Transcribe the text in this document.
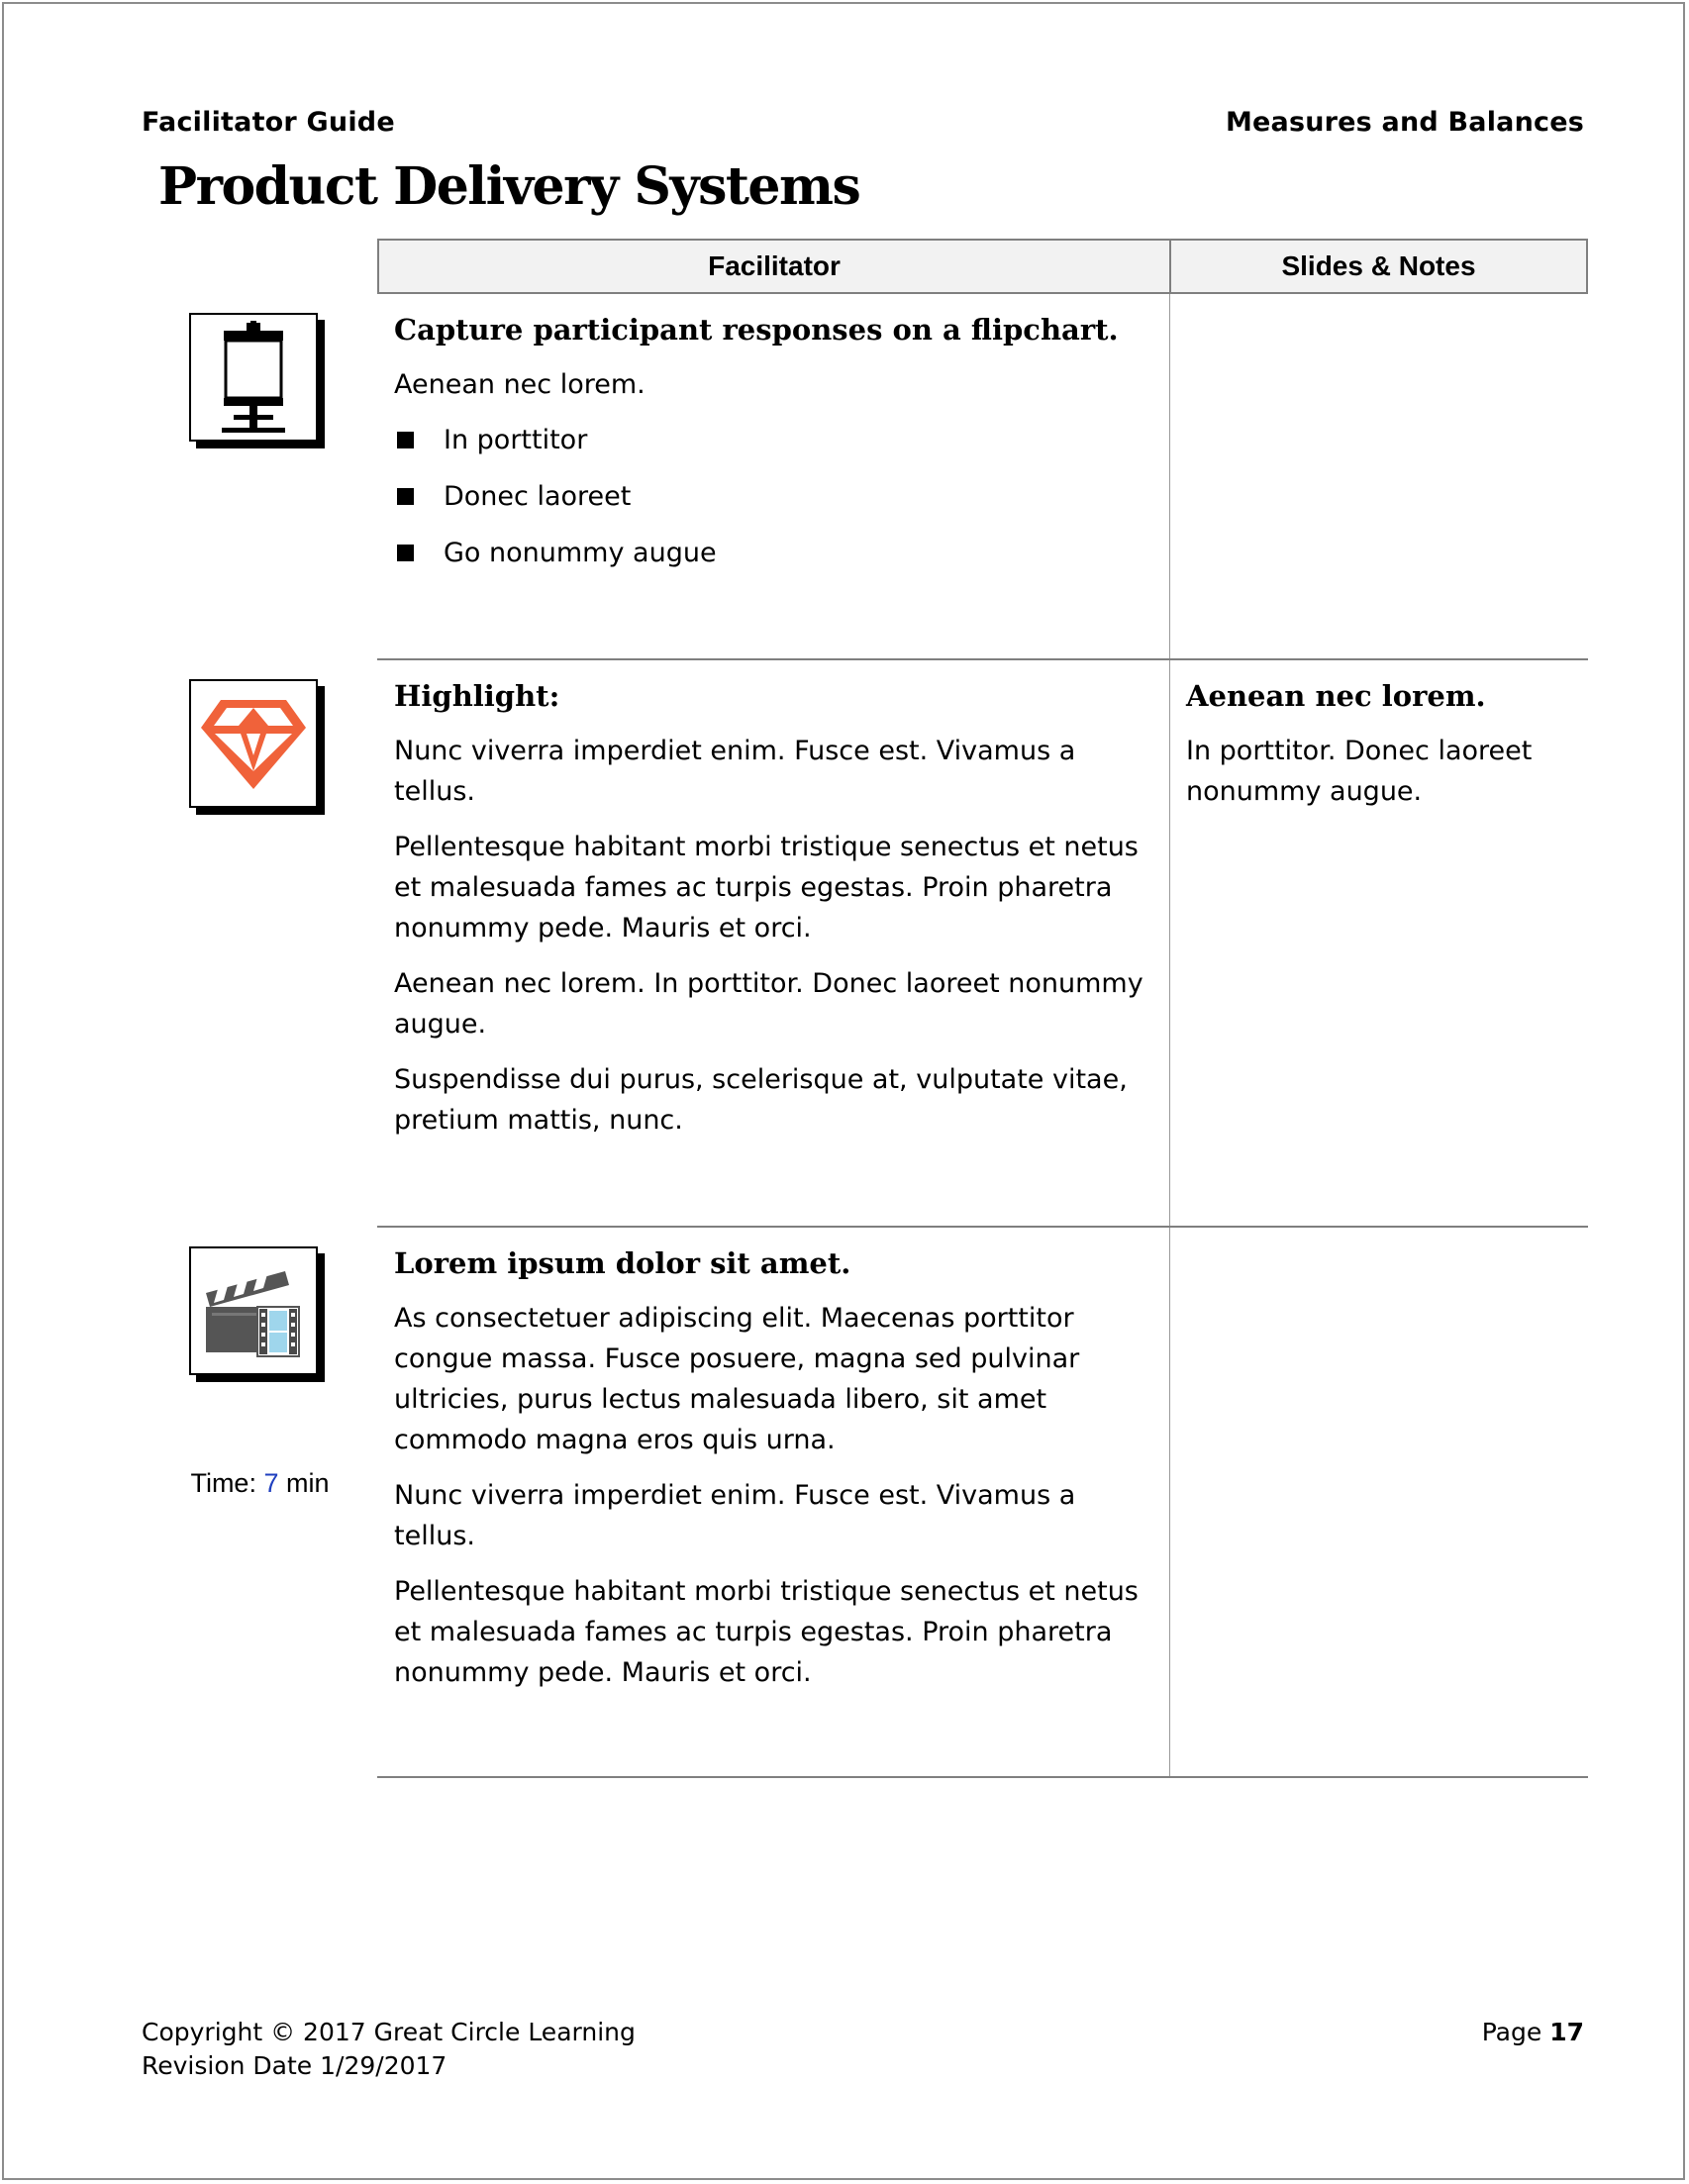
Facilitator Guide	Measures and Balances
Product Delivery Systems
Facilitator	Slides & Notes
Capture participant responses on a flipchart.

Aenean nec lorem.

In porttitor
Donec laoreet
Go nonummy augue
Highlight:

Nunc viverra imperdiet enim. Fusce est. Vivamus a tellus.

Pellentesque habitant morbi tristique senectus et netus et malesuada fames ac turpis egestas. Proin pharetra nonummy pede. Mauris et orci.

Aenean nec lorem. In porttitor. Donec laoreet nonummy augue.

Suspendisse dui purus, scelerisque at, vulputate vitae, pretium mattis, nunc.

Aenean nec lorem.

In porttitor. Donec laoreet nonummy augue.

Time: 7 min
Lorem ipsum dolor sit amet.

As consectetuer adipiscing elit. Maecenas porttitor congue massa. Fusce posuere, magna sed pulvinar ultricies, purus lectus malesuada libero, sit amet commodo magna eros quis urna.

Nunc viverra imperdiet enim. Fusce est. Vivamus a tellus.

Pellentesque habitant morbi tristique senectus et netus et malesuada fames ac turpis egestas. Proin pharetra nonummy pede. Mauris et orci.

Copyright © 2017 Great Circle Learning
Revision Date 1/29/2017
Page 17
